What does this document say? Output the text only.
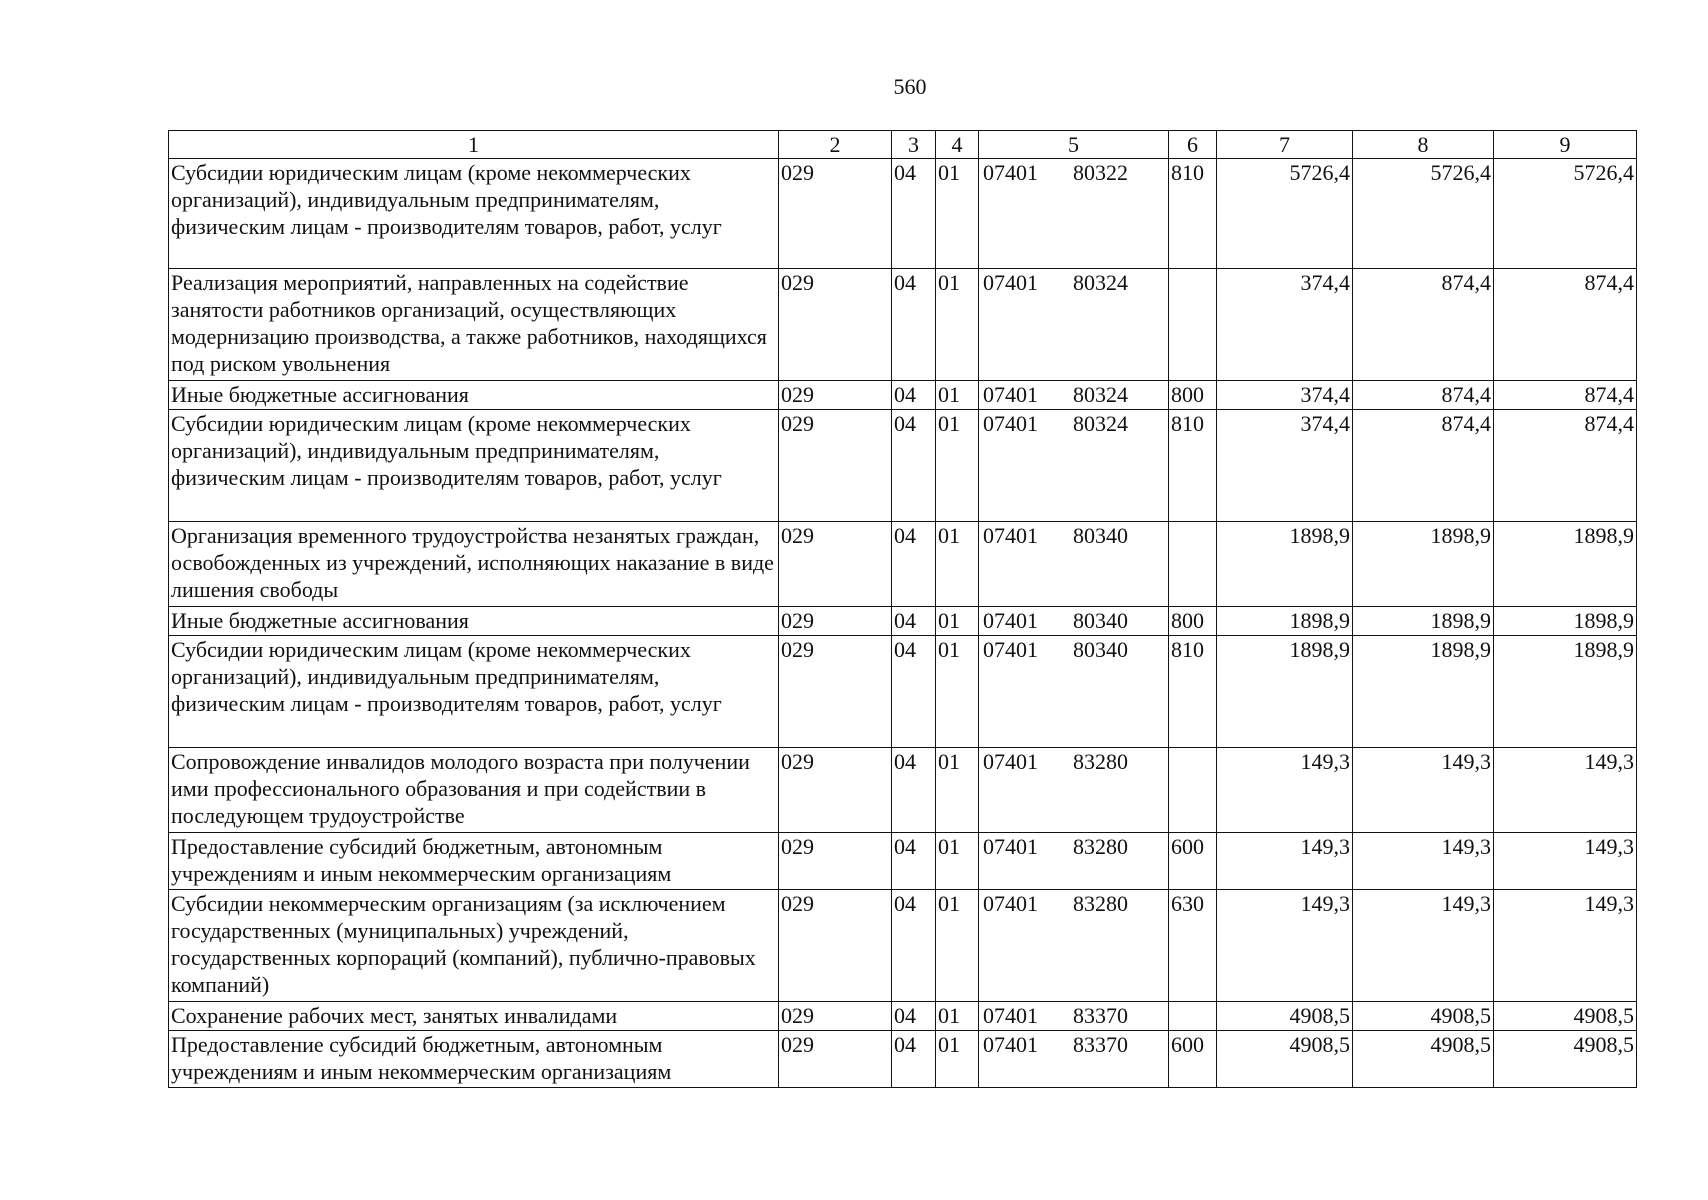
560
1	2	3	4	5	6	7	8	9
Субсидии юридическим лицам (кроме некоммерческих организаций), индивидуальным предпринимателям, физическим лицам - производителям товаров, работ, услуг	029	04	01	07401 80322	810	5726,4	5726,4	5726,4
Реализация мероприятий, направленных на содействие занятости работников организаций, осуществляющих модернизацию производства, а также работников, находящихся под риском увольнения	029	04	01	07401 80324		374,4	874,4	874,4
Иные бюджетные ассигнования	029	04	01	07401 80324	800	374,4	874,4	874,4
Субсидии юридическим лицам (кроме некоммерческих организаций), индивидуальным предпринимателям, физическим лицам - производителям товаров, работ, услуг	029	04	01	07401 80324	810	374,4	874,4	874,4
Организация временного трудоустройства незанятых граждан, освобожденных из учреждений, исполняющих наказание в виде лишения свободы	029	04	01	07401 80340		1898,9	1898,9	1898,9
Иные бюджетные ассигнования	029	04	01	07401 80340	800	1898,9	1898,9	1898,9
Субсидии юридическим лицам (кроме некоммерческих организаций), индивидуальным предпринимателям, физическим лицам - производителям товаров, работ, услуг	029	04	01	07401 80340	810	1898,9	1898,9	1898,9
Сопровождение инвалидов молодого возраста при получении ими профессионального образования и при содействии в последующем трудоустройстве	029	04	01	07401 83280		149,3	149,3	149,3
Предоставление субсидий бюджетным, автономным учреждениям и иным некоммерческим организациям	029	04	01	07401 83280	600	149,3	149,3	149,3
Субсидии некоммерческим организациям (за исключением государственных (муниципальных) учреждений, государственных корпораций (компаний), публично-правовых компаний)	029	04	01	07401 83280	630	149,3	149,3	149,3
Сохранение рабочих мест, занятых инвалидами	029	04	01	07401 83370		4908,5	4908,5	4908,5
Предоставление субсидий бюджетным, автономным учреждениям и иным некоммерческим организациям	029	04	01	07401 83370	600	4908,5	4908,5	4908,5
